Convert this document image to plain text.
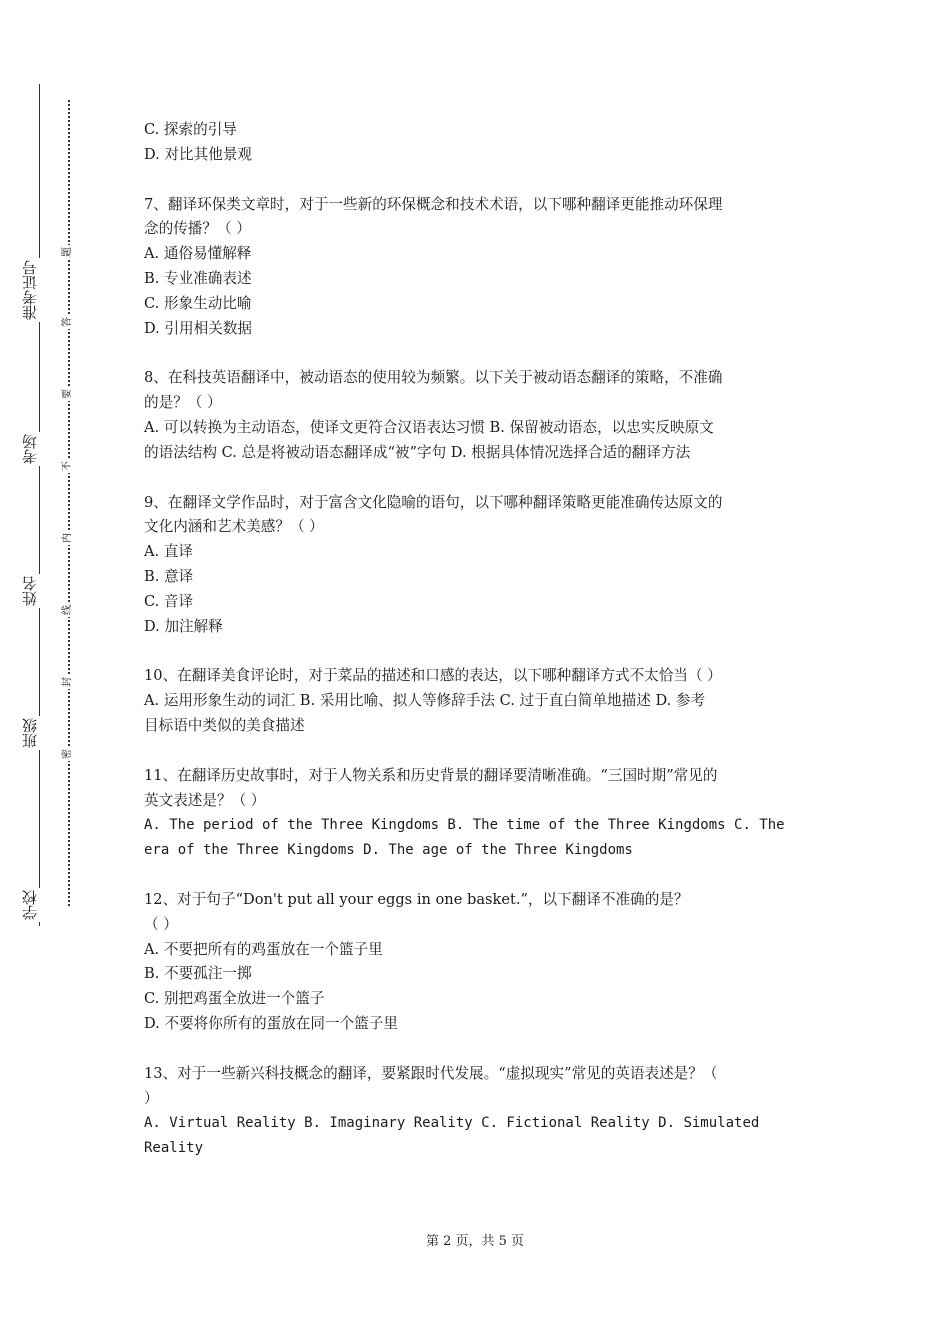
准考证号
考场
姓名
班级
学校
题
答
要
不
内
线
封
密

C. 探索的引导

D. 对比其他景观

7、翻译环保类文章时，对于一些新的环保概念和技术术语，以下哪种翻译更能推动环保理

念的传播？（ ）

A. 通俗易懂解释

B. 专业准确表述

C. 形象生动比喻

D. 引用相关数据

8、在科技英语翻译中，被动语态的使用较为频繁。以下关于被动语态翻译的策略，不准确

的是？（ ）

A. 可以转换为主动语态，使译文更符合汉语表达习惯 B. 保留被动语态，以忠实反映原文

的语法结构 C. 总是将被动语态翻译成“被”字句 D. 根据具体情况选择合适的翻译方法

9、在翻译文学作品时，对于富含文化隐喻的语句，以下哪种翻译策略更能准确传达原文的

文化内涵和艺术美感？（ ）

A. 直译

B. 意译

C. 音译

D. 加注解释

10、在翻译美食评论时，对于菜品的描述和口感的表达，以下哪种翻译方式不太恰当（ ）

A. 运用形象生动的词汇 B. 采用比喻、拟人等修辞手法 C. 过于直白简单地描述 D. 参考

目标语中类似的美食描述

11、在翻译历史故事时，对于人物关系和历史背景的翻译要清晰准确。“三国时期”常见的

英文表述是？（ ）

A. The period of the Three Kingdoms B. The time of the Three Kingdoms C. The

era of the Three Kingdoms D. The age of the Three Kingdoms

12、对于句子“Don't put all your eggs in one basket.”，以下翻译不准确的是？

（ ）

A. 不要把所有的鸡蛋放在一个篮子里

B. 不要孤注一掷

C. 别把鸡蛋全放进一个篮子

D. 不要将你所有的蛋放在同一个篮子里

13、对于一些新兴科技概念的翻译，要紧跟时代发展。“虚拟现实”常见的英语表述是？（

）

A. Virtual Reality B. Imaginary Reality C. Fictional Reality D. Simulated

Reality

第 2 页，共 5 页
